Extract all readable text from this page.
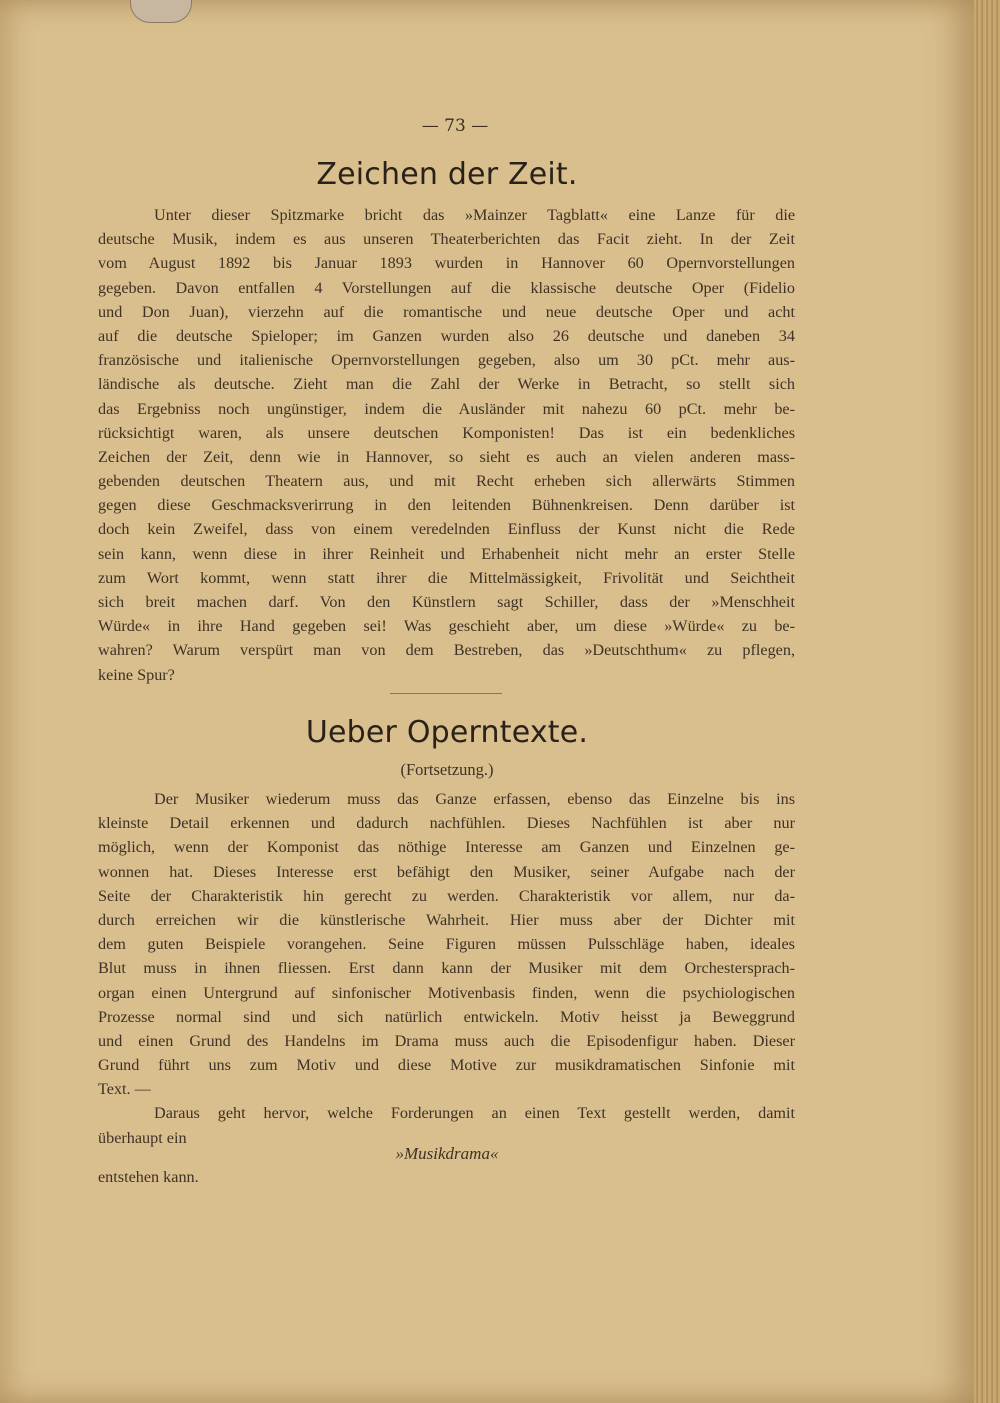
— 73 —
Zeichen der Zeit.
Unter dieser Spitzmarke bricht das »Mainzer Tagblatt« eine Lanze für die
deutsche Musik, indem es aus unseren Theaterberichten das Facit zieht. In der Zeit
vom August 1892 bis Januar 1893 wurden in Hannover 60 Opernvorstellungen
gegeben. Davon entfallen 4 Vorstellungen auf die klassische deutsche Oper (Fidelio
und Don Juan), vierzehn auf die romantische und neue deutsche Oper und acht
auf die deutsche Spieloper; im Ganzen wurden also 26 deutsche und daneben 34
französische und italienische Opernvorstellungen gegeben, also um 30 pCt. mehr aus-
ländische als deutsche. Zieht man die Zahl der Werke in Betracht, so stellt sich
das Ergebniss noch ungünstiger, indem die Ausländer mit nahezu 60 pCt. mehr be-
rücksichtigt waren, als unsere deutschen Komponisten! Das ist ein bedenkliches
Zeichen der Zeit, denn wie in Hannover, so sieht es auch an vielen anderen mass-
gebenden deutschen Theatern aus, und mit Recht erheben sich allerwärts Stimmen
gegen diese Geschmacksverirrung in den leitenden Bühnenkreisen. Denn darüber ist
doch kein Zweifel, dass von einem veredelnden Einfluss der Kunst nicht die Rede
sein kann, wenn diese in ihrer Reinheit und Erhabenheit nicht mehr an erster Stelle
zum Wort kommt, wenn statt ihrer die Mittelmässigkeit, Frivolität und Seichtheit
sich breit machen darf. Von den Künstlern sagt Schiller, dass der »Menschheit
Würde« in ihre Hand gegeben sei! Was geschieht aber, um diese »Würde« zu be-
wahren? Warum verspürt man von dem Bestreben, das »Deutschthum« zu pflegen,
keine Spur?
Ueber Operntexte.
(Fortsetzung.)
Der Musiker wiederum muss das Ganze erfassen, ebenso das Einzelne bis ins
kleinste Detail erkennen und dadurch nachfühlen. Dieses Nachfühlen ist aber nur
möglich, wenn der Komponist das nöthige Interesse am Ganzen und Einzelnen ge-
wonnen hat. Dieses Interesse erst befähigt den Musiker, seiner Aufgabe nach der
Seite der Charakteristik hin gerecht zu werden. Charakteristik vor allem, nur da-
durch erreichen wir die künstlerische Wahrheit. Hier muss aber der Dichter mit
dem guten Beispiele vorangehen. Seine Figuren müssen Pulsschläge haben, ideales
Blut muss in ihnen fliessen. Erst dann kann der Musiker mit dem Orchestersprach-
organ einen Untergrund auf sinfonischer Motivenbasis finden, wenn die psychiologischen
Prozesse normal sind und sich natürlich entwickeln. Motiv heisst ja Beweggrund
und einen Grund des Handelns im Drama muss auch die Episodenfigur haben. Dieser
Grund führt uns zum Motiv und diese Motive zur musikdramatischen Sinfonie mit
Text. —
Daraus geht hervor, welche Forderungen an einen Text gestellt werden, damit
überhaupt ein
»Musikdrama«
entstehen kann.
